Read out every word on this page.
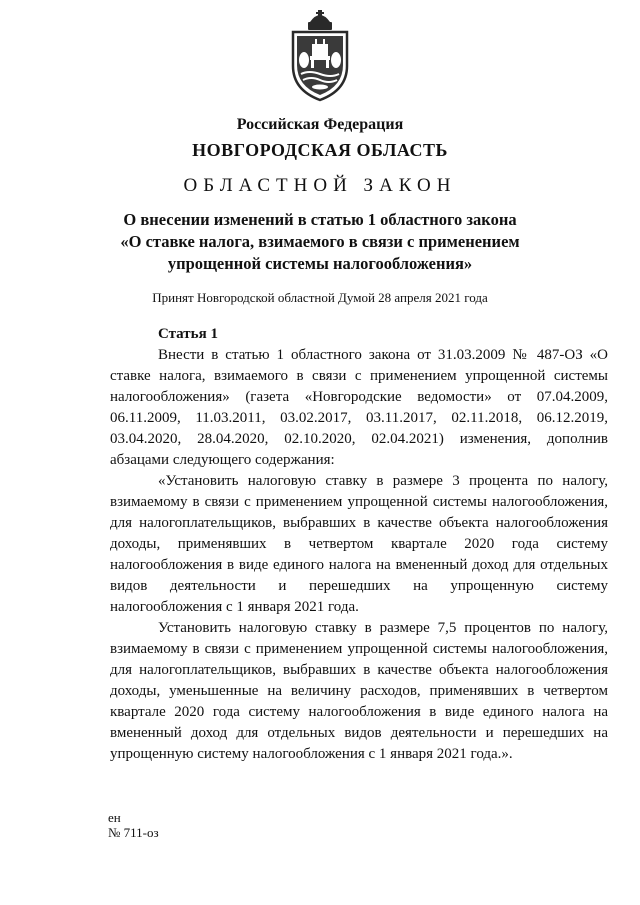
Российская Федерация
НОВГОРОДСКАЯ ОБЛАСТЬ
ОБЛАСТНОЙ ЗАКОН
О внесении изменений в статью 1 областного закона
«О ставке налога, взимаемого в связи с применением
упрощенной системы налогообложения»
Принят Новгородской областной Думой 28 апреля 2021 года

Статья 1

Внести в статью 1 областного закона от 31.03.2009 № 487-ОЗ «О ставке налога, взимаемого в связи с применением упрощенной системы налогообложения» (газета «Новгородские ведомости» от 07.04.2009, 06.11.2009, 11.03.2011, 03.02.2017, 03.11.2017, 02.11.2018, 06.12.2019, 03.04.2020, 28.04.2020, 02.10.2020, 02.04.2021) изменения, дополнив абзацами следующего содержания:

«Установить налоговую ставку в размере 3 процента по налогу, взимаемому в связи с применением упрощенной системы налогообложения, для налогоплательщиков, выбравших в качестве объекта налогообложения доходы, применявших в четвертом квартале 2020 года систему налогообложения в виде единого налога на вмененный доход для отдельных видов деятельности и перешедших на упрощенную систему налогообложения с 1 января 2021 года.

Установить налоговую ставку в размере 7,5 процентов по налогу, взимаемому в связи с применением упрощенной системы налогообложения, для налогоплательщиков, выбравших в качестве объекта налогообложения доходы, уменьшенные на величину расходов, применявших в четвертом квартале 2020 года систему налогообложения в виде единого налога на вмененный доход для отдельных видов деятельности и перешедших на упрощенную систему налогообложения с 1 января 2021 года.».

ен
№ 711-оз
